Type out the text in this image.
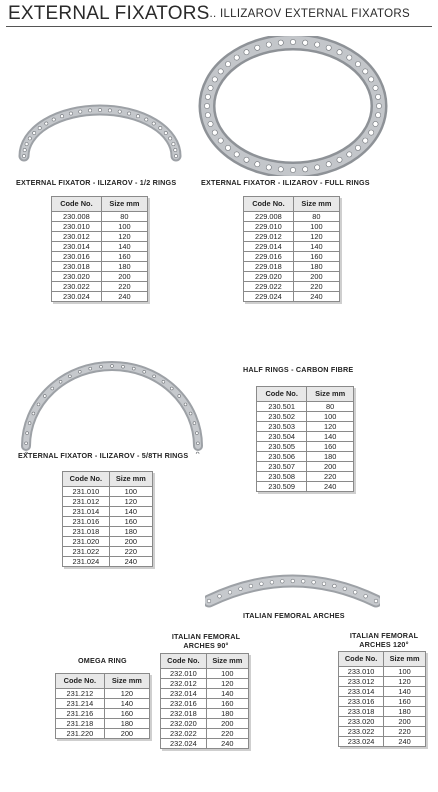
EXTERNAL FIXATORS
... ILLIZAROV EXTERNAL FIXATORS
EXTERNAL FIXATOR - ILIZAROV - 1/2 RINGS	EXTERNAL FIXATOR - ILIZAROV - FULL RINGS
EXTERNAL FIXATOR - ILIZAROV - 5/8TH RINGS
HALF RINGS - CARBON FIBRE
ITALIAN FEMORAL ARCHES
OMEGA RING
ITALIAN FEMORAL
ARCHES 90°
ITALIAN FEMORAL
ARCHES 120°
Code No.	Size mm
230.008	80
230.010	100
230.012	120
230.014	140
230.016	160
230.018	180
230.020	200
230.022	220
230.024	240
Code No.	Size mm
229.008	80
229.010	100
229.012	120
229.014	140
229.016	160
229.018	180
229.020	200
229.022	220
229.024	240
Code No.	Size mm
231.010	100
231.012	120
231.014	140
231.016	160
231.018	180
231.020	200
231.022	220
231.024	240
Code No.	Size mm
230.501	80
230.502	100
230.503	120
230.504	140
230.505	160
230.506	180
230.507	200
230.508	220
230.509	240
Code No.	Size mm
231.212	120
231.214	140
231.216	160
231.218	180
231.220	200
Code No.	Size mm
232.010	100
232.012	120
232.014	140
232.016	160
232.018	180
232.020	200
232.022	220
232.024	240
Code No.	Size mm
233.010	100
233.012	120
233.014	140
233.016	160
233.018	180
233.020	200
233.022	220
233.024	240
